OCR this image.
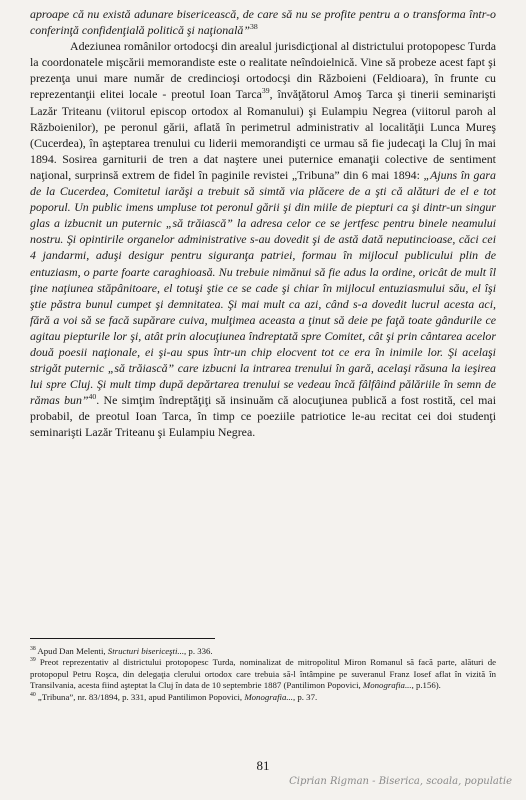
aproape că nu există adunare bisericească, de care să nu se profite pentru a o transforma într-o conferinţă confidenţială politică şi naţională”$^{38}$

Adeziunea românilor ortodocşi din arealul jurisdicţional al districtului protopopesc Turda la coordonatele mişcării memorandiste este o realitate neîndoielnică. Vine să probeze acest fapt şi prezenţa unui mare număr de credincioşi ortodocşi din Războieni (Feldioara), în frunte cu reprezentanţii elitei locale - preotul Ioan Tarca$^{39}$, învăţătorul Amoş Tarca şi tinerii seminarişti Lazăr Triteanu (viitorul episcop ortodox al Romanului) şi Eulampiu Negrea (viitorul paroh al Războienilor), pe peronul gării, aflată în perimetrul administrativ al localităţii Lunca Mureş (Cucerdea), în aşteptarea trenului cu liderii memorandişti ce urmau să fie judecaţi la Cluj în mai 1894. Sosirea garniturii de tren a dat naştere unei puternice emanaţii colective de sentiment naţional, surprinsă extrem de fidel în paginile revistei „Tribuna” din 6 mai 1894: „Ajuns în gara de la Cucerdea, Comitetul iarăşi a trebuit să simtă via plăcere de a şti că alături de el e tot poporul. Un public imens umpluse tot peronul gării şi din miile de piepturi ca şi dintr-un singur glas a izbucnit un puternic „să trăiască” la adresa celor ce se jertfesc pentru binele neamului nostru. Şi opintirile organelor administrative s-au dovedit şi de astă dată neputincioase, căci cei 4 jandarmi, aduşi desigur pentru siguranţa patriei, formau în mijlocul publicului plin de entuziasm, o parte foarte caraghioasă. Nu trebuie nimănui să fie adus la ordine, oricât de mult îl ţine naţiunea stăpânitoare, el totuşi ştie ce se cade şi chiar în mijlocul entuziasmului său, el îşi ştie păstra bunul cumpet şi demnitatea. Şi mai mult ca azi, când s-a dovedit lucrul acesta aci, fără a voi să se facă supărare cuiva, mulţimea aceasta a ţinut să deie pe faţă toate gândurile ce agitau piepturile lor şi, atât prin alocuţiunea îndreptată spre Comitet, cât şi prin cântarea acelor două poesii naţionale, ei şi-au spus într-un chip elocvent tot ce era în inimile lor. Şi acelaşi strigăt puternic „să trăiască” care izbucni la intrarea trenului în gară, acelaşi răsuna la ieşirea lui spre Cluj. Şi mult timp după depărtarea trenului se vedeau încă fâlfâind pălăriile în semn de rămas bun”$^{40}$. Ne simţim îndreptăţiţi să insinuăm că alocuţiunea publică a fost rostită, cel mai probabil, de preotul Ioan Tarca, în timp ce poeziile patriotice le-au recitat cei doi studenţi seminarişti Lazăr Triteanu şi Eulampiu Negrea.

$^{38}$ Apud Dan Melenti, Structuri bisericeşti..., p. 336.

$^{39}$ Preot reprezentativ al districtului protopopesc Turda, nominalizat de mitropolitul Miron Romanul să facă parte, alături de protopopul Petru Roşca, din delegaţia clerului ortodox care trebuia să-l întâmpine pe suveranul Franz Iosef aflat în vizită în Transilvania, acesta fiind aşteptat la Cluj în data de 10 septembrie 1887 (Pantilimon Popovici, Monografia..., p.156).

$^{40}$ „Tribuna”, nr. 83/1894, p. 331, apud Pantilimon Popovici, Monografia..., p. 37.

81
Ciprian Rigman - Biserica, scoala, populatie
